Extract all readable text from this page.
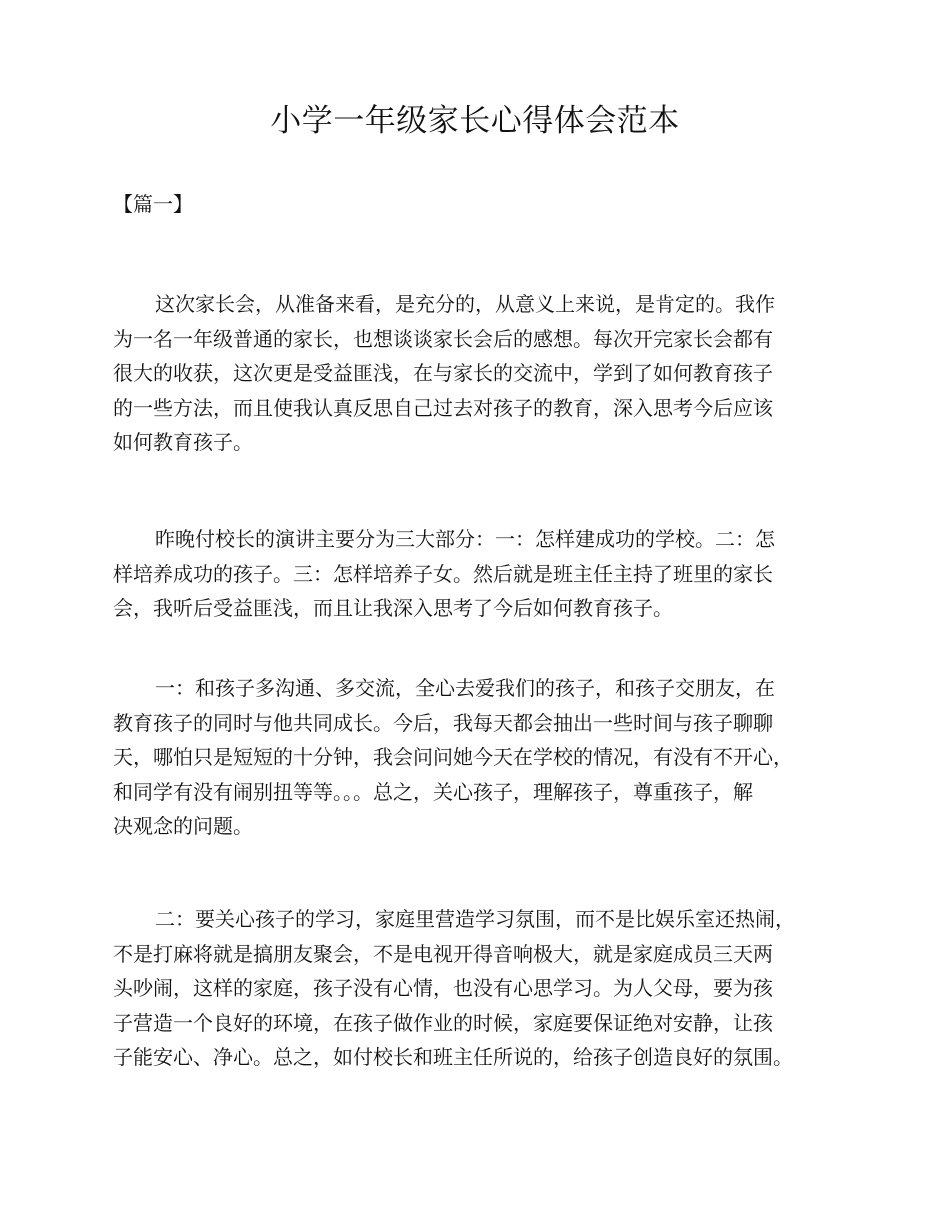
小学一年级家长心得体会范本

【篇一】

这次家长会，从准备来看，是充分的，从意义上来说，是肯定的。我作
为一名一年级普通的家长，也想谈谈家长会后的感想。每次开完家长会都有
很大的收获，这次更是受益匪浅，在与家长的交流中，学到了如何教育孩子
的一些方法，而且使我认真反思自己过去对孩子的教育，深入思考今后应该
如何教育孩子。

昨晚付校长的演讲主要分为三大部分：一：怎样建成功的学校。二：怎
样培养成功的孩子。三：怎样培养子女。然后就是班主任主持了班里的家长
会，我听后受益匪浅，而且让我深入思考了今后如何教育孩子。

一：和孩子多沟通、多交流，全心去爱我们的孩子，和孩子交朋友，在
教育孩子的同时与他共同成长。今后，我每天都会抽出一些时间与孩子聊聊
天，哪怕只是短短的十分钟，我会问问她今天在学校的情况，有没有不开心，
和同学有没有闹别扭等等。。。总之，关心孩子，理解孩子，尊重孩子，解
决观念的问题。

二：要关心孩子的学习，家庭里营造学习氛围，而不是比娱乐室还热闹，
不是打麻将就是搞朋友聚会，不是电视开得音响极大，就是家庭成员三天两
头吵闹，这样的家庭，孩子没有心情，也没有心思学习。为人父母，要为孩
子营造一个良好的环境，在孩子做作业的时候，家庭要保证绝对安静，让孩
子能安心、净心。总之，如付校长和班主任所说的，给孩子创造良好的氛围。
